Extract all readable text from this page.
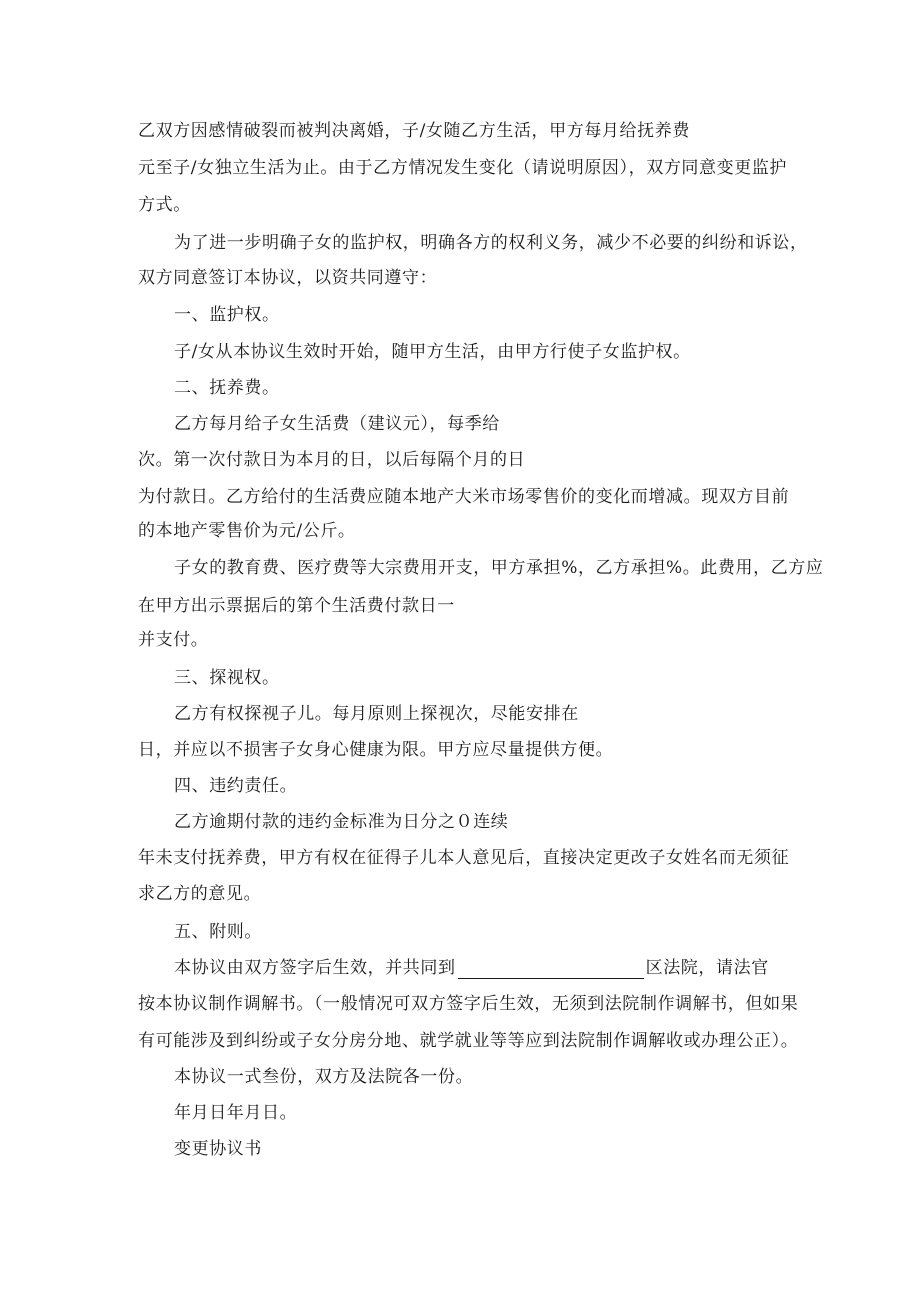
乙双方因感情破裂而被判决离婚，子/女随乙方生活，甲方每月给抚养费
元至子/女独立生活为止。由于乙方情况发生变化（请说明原因），双方同意变更监护
方式。
为了进一步明确子女的监护权，明确各方的权利义务，减少不必要的纠纷和诉讼，
双方同意签订本协议，以资共同遵守：
一、监护权。
子/女从本协议生效时开始，随甲方生活，由甲方行使子女监护权。
二、抚养费。
乙方每月给子女生活费（建议元），每季给
次。第一次付款日为本月的日，以后每隔个月的日
为付款日。乙方给付的生活费应随本地产大米市场零售价的变化而增减。现双方目前
的本地产零售价为元/公斤。
子女的教育费、医疗费等大宗费用开支，甲方承担%，乙方承担%。此费用，乙方应
在甲方出示票据后的第个生活费付款日一
并支付。
三、探视权。
乙方有权探视子儿。每月原则上探视次，尽能安排在
日，并应以不损害子女身心健康为限。甲方应尽量提供方便。
四、违约责任。
乙方逾期付款的违约金标准为日分之０连续
年未支付抚养费，甲方有权在征得子儿本人意见后，直接决定更改子女姓名而无须征
求乙方的意见。
五、附则。
本协议由双方签字后生效，并共同到	区法院，请法官
按本协议制作调解书。（一般情况可双方签字后生效，无须到法院制作调解书，但如果
有可能涉及到纠纷或子女分房分地、就学就业等等应到法院制作调解收或办理公正）。
本协议一式叁份，双方及法院各一份。
年月日年月日。
变更协议书
